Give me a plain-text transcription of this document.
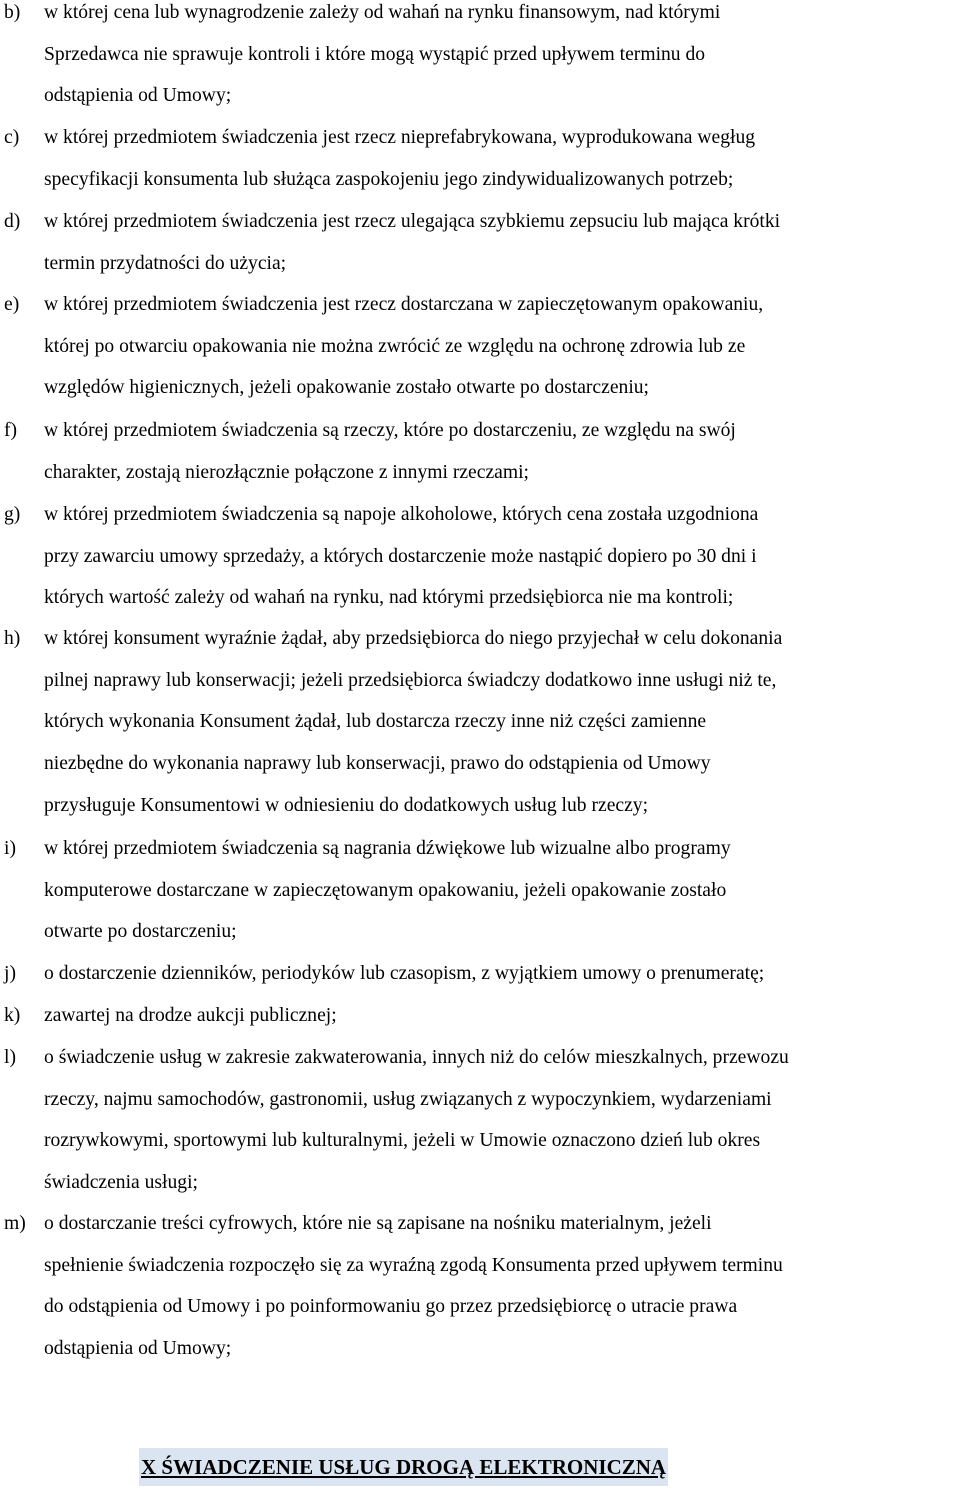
b) w której cena lub wynagrodzenie zależy od wahań na rynku finansowym, nad którymi
Sprzedawca nie sprawuje kontroli i które mogą wystąpić przed upływem terminu do
odstąpienia od Umowy;
c) w której przedmiotem świadczenia jest rzecz nieprefabrykowana, wyprodukowana wegług
specyfikacji konsumenta lub służąca zaspokojeniu jego zindywidualizowanych potrzeb;
d) w której przedmiotem świadczenia jest rzecz ulegająca szybkiemu zepsuciu lub mająca krótki
termin przydatności do użycia;
e) w której przedmiotem świadczenia jest rzecz dostarczana w zapieczętowanym opakowaniu,
której po otwarciu opakowania nie można zwrócić ze względu na ochronę zdrowia lub ze
względów higienicznych, jeżeli opakowanie zostało otwarte po dostarczeniu;
f) w której przedmiotem świadczenia są rzeczy, które po dostarczeniu, ze względu na swój
charakter, zostają nierozłącznie połączone z innymi rzeczami;
g) w której przedmiotem świadczenia są napoje alkoholowe, których cena została uzgodniona
przy zawarciu umowy sprzedaży, a których dostarczenie może nastąpić dopiero po 30 dni i
których wartość zależy od wahań na rynku, nad którymi przedsiębiorca nie ma kontroli;
h) w której konsument wyraźnie żądał, aby przedsiębiorca do niego przyjechał w celu dokonania
pilnej naprawy lub konserwacji; jeżeli przedsiębiorca świadczy dodatkowo inne usługi niż te,
których wykonania Konsument żądał, lub dostarcza rzeczy inne niż części zamienne
niezbędne do wykonania naprawy lub konserwacji, prawo do odstąpienia od Umowy
przysługuje Konsumentowi w odniesieniu do dodatkowych usług lub rzeczy;
i) w której przedmiotem świadczenia są nagrania dźwiękowe lub wizualne albo programy
komputerowe dostarczane w zapieczętowanym opakowaniu, jeżeli opakowanie zostało
otwarte po dostarczeniu;
j) o dostarczenie dzienników, periodyków lub czasopism, z wyjątkiem umowy o prenumeratę;
k) zawartej na drodze aukcji publicznej;
l) o świadczenie usług w zakresie zakwaterowania, innych niż do celów mieszkalnych, przewozu
rzeczy, najmu samochodów, gastronomii, usług związanych z wypoczynkiem, wydarzeniami
rozrywkowymi, sportowymi lub kulturalnymi, jeżeli w Umowie oznaczono dzień lub okres
świadczenia usługi;
m) o dostarczanie treści cyfrowych, które nie są zapisane na nośniku materialnym, jeżeli
spełnienie świadczenia rozpoczęło się za wyraźną zgodą Konsumenta przed upływem terminu
do odstąpienia od Umowy i po poinformowaniu go przez przedsiębiorcę o utracie prawa
odstąpienia od Umowy;
X ŚWIADCZENIE USŁUG DROGĄ ELEKTRONICZNĄ
